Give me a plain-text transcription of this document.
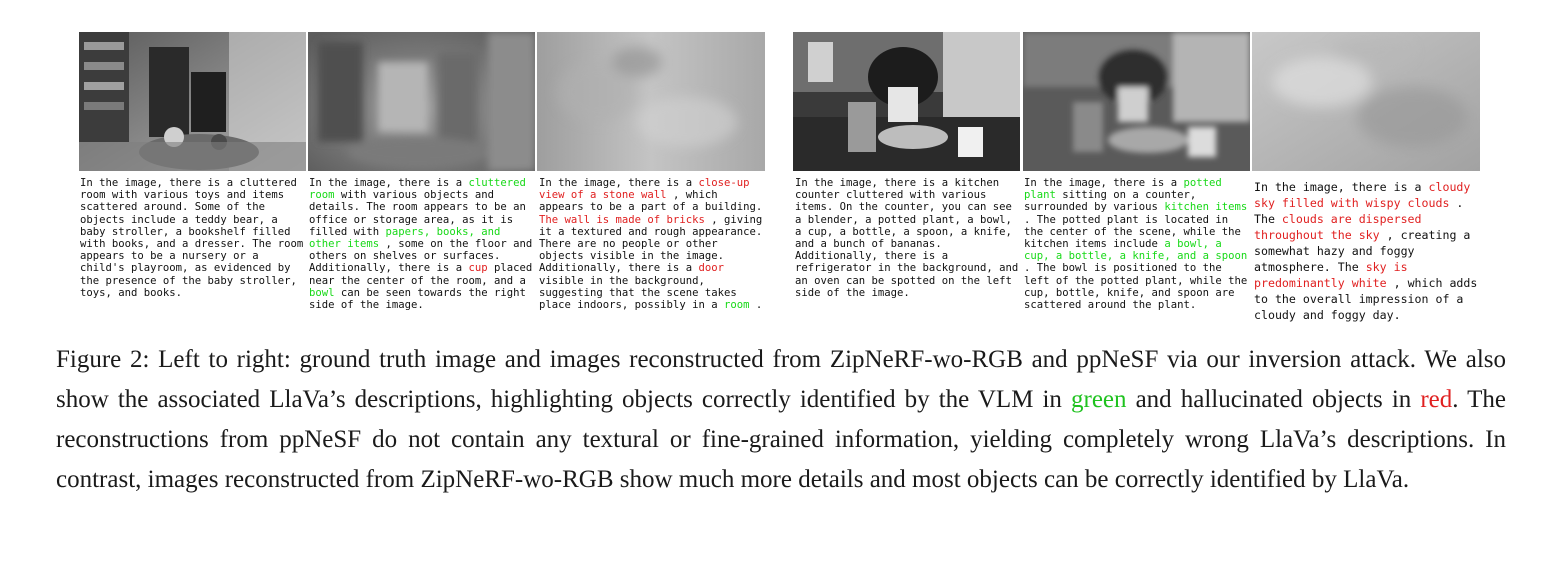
In the image, there is a cluttered room with various toys and items scattered around. Some of the objects include a teddy bear, a baby stroller, a bookshelf filled with books, and a dresser. The room appears to be a nursery or a child's playroom, as evidenced by the presence of the baby stroller, toys, and books.
In the image, there is a cluttered room with various objects and details. The room appears to be an office or storage area, as it is filled with papers, books, and other items , some on the floor and others on shelves or surfaces. Additionally, there is a cup placed near the center of the room, and a bowl can be seen towards the right side of the image.
In the image, there is a close-up view of a stone wall , which appears to be a part of a building. The wall is made of bricks , giving it a textured and rough appearance. There are no people or other objects visible in the image. Additionally, there is a door visible in the background, suggesting that the scene takes place indoors, possibly in a room .
In the image, there is a kitchen counter cluttered with various items. On the counter, you can see a blender, a potted plant, a bowl, a cup, a bottle, a spoon, a knife, and a bunch of bananas. Additionally, there is a refrigerator in the background, and an oven can be spotted on the left side of the image.
In the image, there is a potted plant sitting on a counter, surrounded by various kitchen items . The potted plant is located in the center of the scene, while the kitchen items include a bowl, a cup, a bottle, a knife, and a spoon . The bowl is positioned to the left of the potted plant, while the cup, bottle, knife, and spoon are scattered around the plant.
In the image, there is a cloudy sky filled with wispy clouds . The clouds are dispersed throughout the sky , creating a somewhat hazy and foggy atmosphere. The sky is predominantly white , which adds to the overall impression of a cloudy and foggy day.
Figure 2: Left to right: ground truth image and images reconstructed from ZipNeRF-wo-RGB and ppNeSF via our inversion attack. We also show the associated LlaVa’s descriptions, highlighting objects correctly identified by the VLM in green and hallucinated objects in red. The reconstructions from ppNeSF do not contain any textural or fine-grained information, yielding completely wrong LlaVa’s descriptions. In contrast, images reconstructed from ZipNeRF-wo-RGB show much more details and most objects can be correctly identified by LlaVa.
